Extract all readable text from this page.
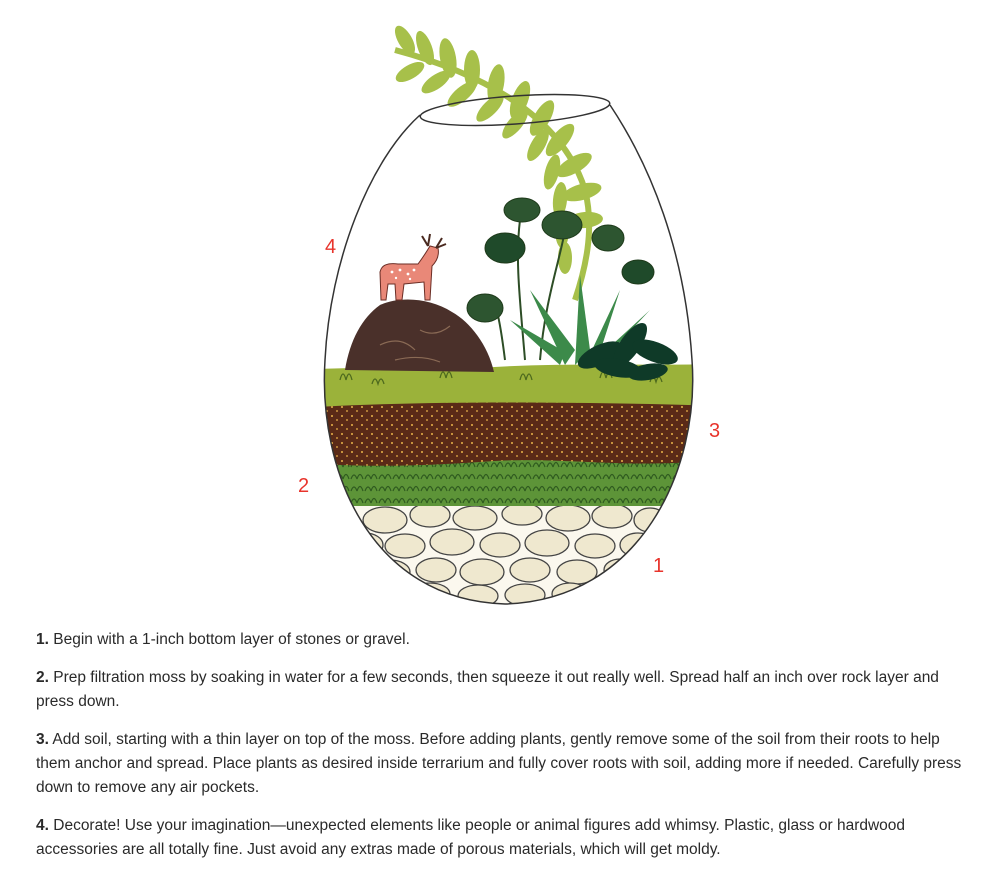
4
3
2
1

1. Begin with a 1-inch bottom layer of stones or gravel.

2. Prep filtration moss by soaking in water for a few seconds, then squeeze it out really well. Spread half an inch over rock layer and press down.

3. Add soil, starting with a thin layer on top of the moss. Before adding plants, gently remove some of the soil from their roots to help them anchor and spread. Place plants as desired inside terrarium and fully cover roots with soil, adding more if needed. Carefully press down to remove any air pockets.

4. Decorate! Use your imagination—unexpected elements like people or animal figures add whimsy. Plastic, glass or hardwood accessories are all totally fine. Just avoid any extras made of porous materials, which will get moldy.
